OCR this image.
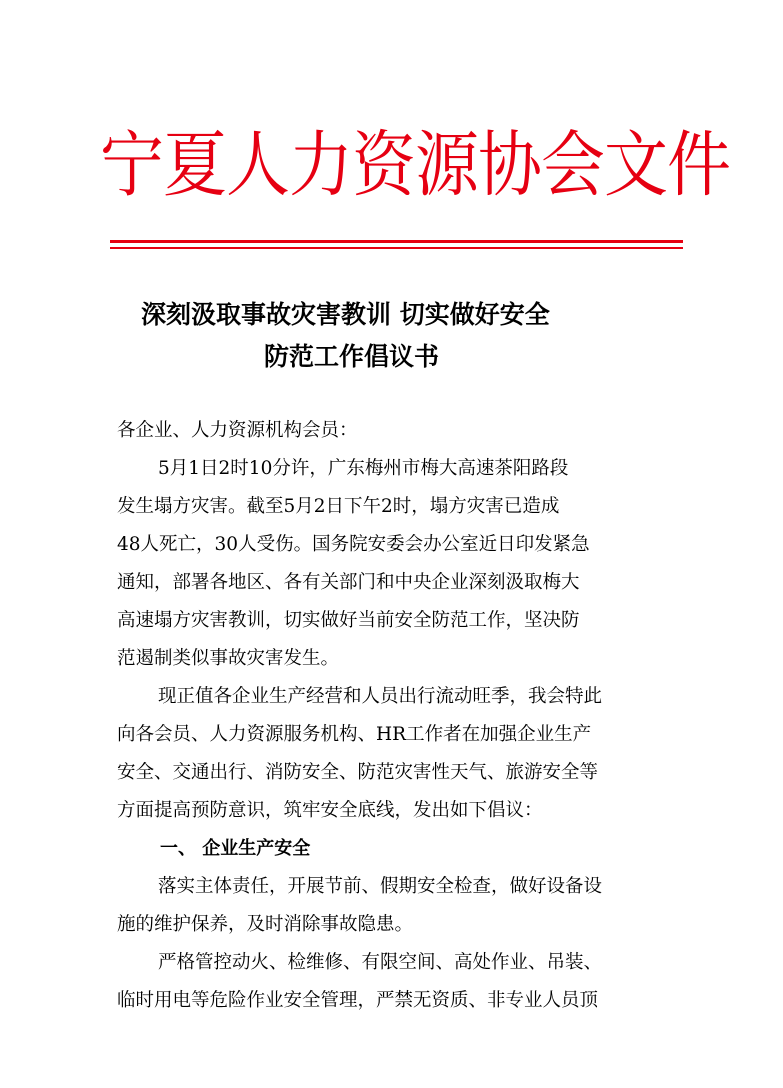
宁夏人力资源协会文件
深刻汲取事故灾害教训 切实做好安全
防范工作倡议书
各企业、人力资源机构会员：
5月1日2时10分许，广东梅州市梅大高速茶阳路段
发生塌方灾害。截至5月2日下午2时，塌方灾害已造成
48人死亡，30人受伤。国务院安委会办公室近日印发紧急
通知，部署各地区、各有关部门和中央企业深刻汲取梅大
高速塌方灾害教训，切实做好当前安全防范工作，坚决防
范遏制类似事故灾害发生。
现正值各企业生产经营和人员出行流动旺季，我会特此
向各会员、人力资源服务机构、HR工作者在加强企业生产
安全、交通出行、消防安全、防范灾害性天气、旅游安全等
方面提高预防意识，筑牢安全底线，发出如下倡议：
一、 企业生产安全
落实主体责任，开展节前、假期安全检查，做好设备设
施的维护保养，及时消除事故隐患。
严格管控动火、检维修、有限空间、高处作业、吊装、
临时用电等危险作业安全管理，严禁无资质、非专业人员顶
